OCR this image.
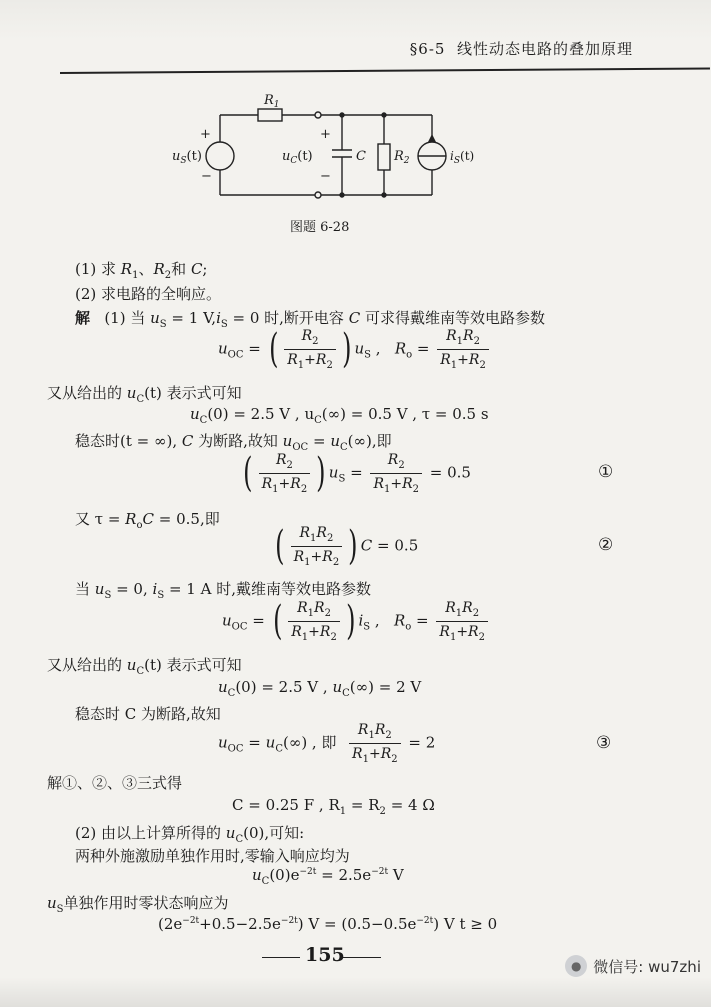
§6-5 线性动态电路的叠加原理
$R_1$
+
−
$u_S(t)$
+
−
$u_C(t)$	C $R_2$	$i_S(t)$
图题 6-28
(1) 求 $R_1$、$R_2$和 C;
(2) 求电路的全响应。
解 (1) 当 $u_S = 1$ $V,i_S = 0$ 时,断开电容 C 可求得戴维南等效电路参数
$u_{OC}$ = ( $\frac{R_2}{R_1+R_2}$ ) $u_S$ ,   $R_o = \frac{R_1R_2}{R_1+R_2}$
又从给出的 $u_C(t)$ 表示式可知
$u_C(0) = 2.5$ V , $u_C(\infty) = 0.5$ V , τ = 0.5 s
稳态时(t = ∞), C 为断路,故知 $u_{OC} = u_C(\infty)$,即
( $\frac{R_2}{R_1+R_2}$ ) $u_S = \frac{R_2}{R_1+R_2} = 0.5$	①
又 $\tau = R_oC = 0.5$,即
( $\frac{R_1R_2}{R_1+R_2}$ ) C = 0.5	②
当 $u_S = 0$, $i_S = 1$ A 时,戴维南等效电路参数
$u_{OC}$ = ( $\frac{R_1R_2}{R_1+R_2}$ ) $i_S$ ,   $R_o = \frac{R_1R_2}{R_1+R_2}$
又从给出的 $u_C(t)$ 表示式可知
$u_C(0) = 2.5$ V , $u_C(\infty) = 2$ V
稳态时 C 为断路,故知
$u_{OC} = u_C(\infty)$ , 即 $\frac{R_1R_2}{R_1+R_2} = 2$	③
解①、②、③三式得
C = 0.25 F , $R_1 = R_2 = 4$ Ω
(2) 由以上计算所得的 $u_C(0)$,可知:
两种外施激励单独作用时,零输入响应均为
$u_C(0)e^{-2t} = 2.5e^{-2t}$ V
$u_S$单独作用时零状态响应为
$(2e^{-2t}+0.5-2.5e^{-2t}) V = (0.5-0.5e^{-2t})$ V t ≥ 0
155	● 微信号: wu7zhi
